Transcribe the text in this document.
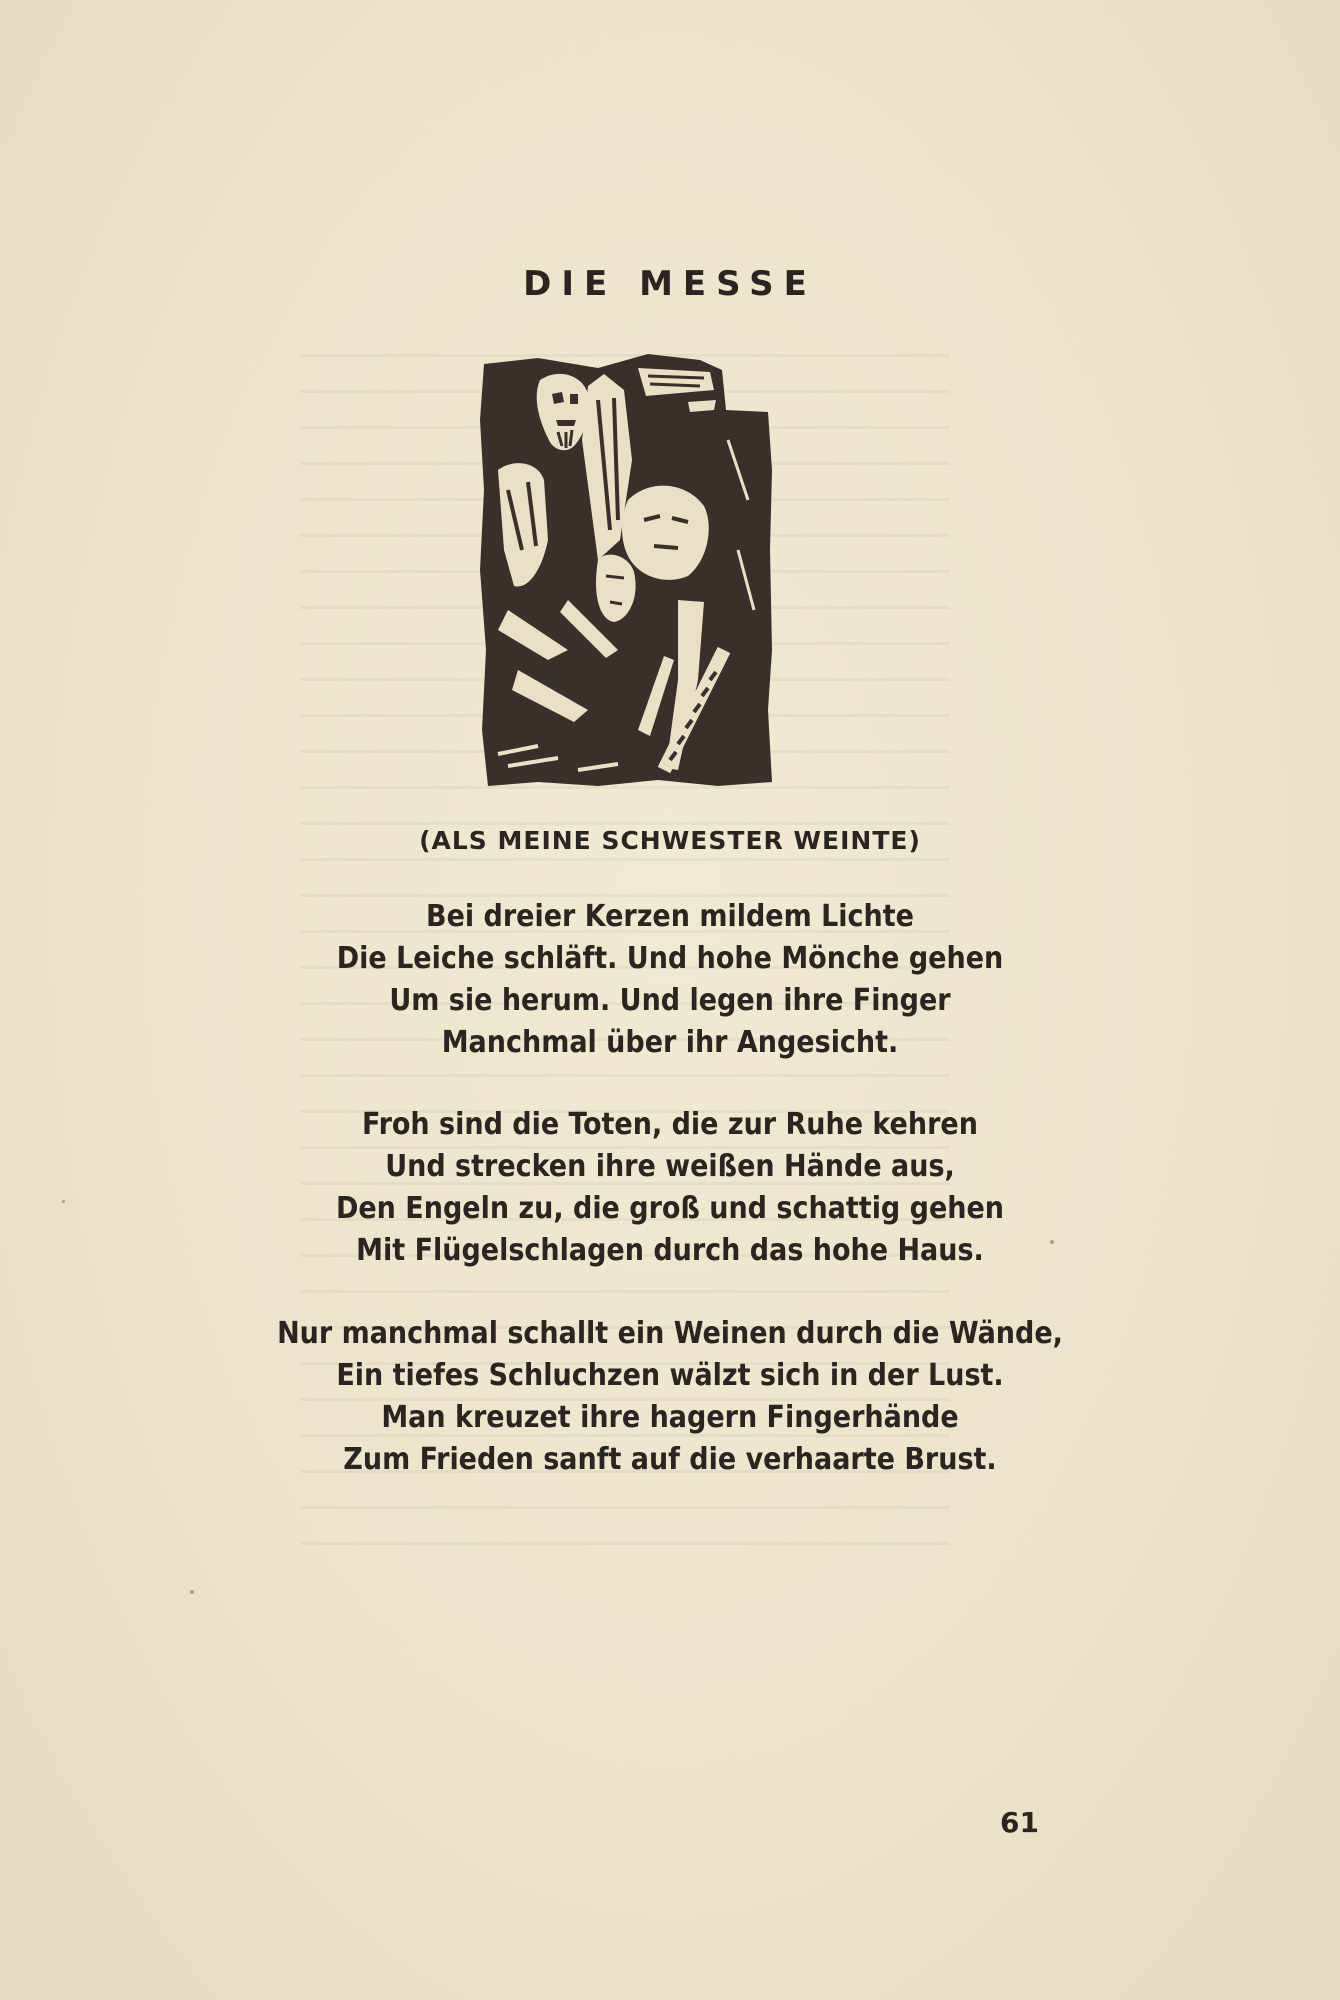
DIE MESSE
(ALS MEINE SCHWESTER WEINTE)
Bei dreier Kerzen mildem Lichte
Die Leiche schläft. Und hohe Mönche gehen
Um sie herum. Und legen ihre Finger
Manchmal über ihr Angesicht.
Froh sind die Toten, die zur Ruhe kehren
Und strecken ihre weißen Hände aus,
Den Engeln zu, die groß und schattig gehen
Mit Flügelschlagen durch das hohe Haus.
Nur manchmal schallt ein Weinen durch die Wände,
Ein tiefes Schluchzen wälzt sich in der Lust.
Man kreuzet ihre hagern Fingerhände
Zum Frieden sanft auf die verhaarte Brust.
61
